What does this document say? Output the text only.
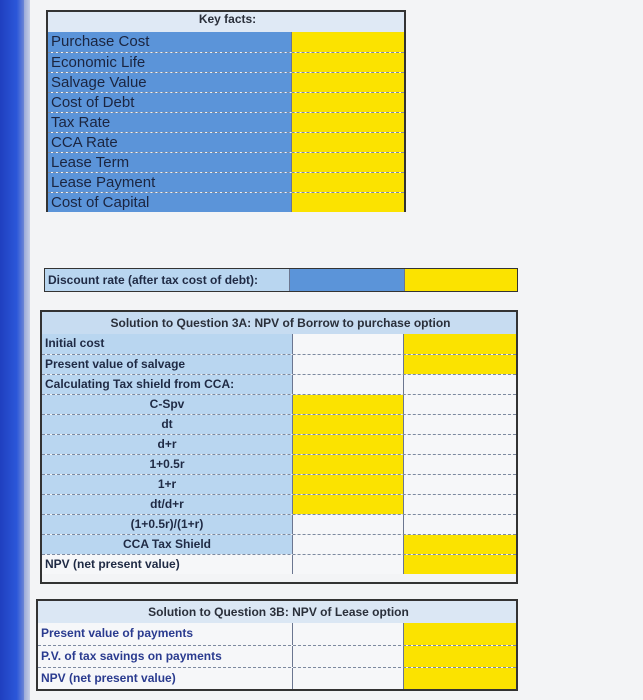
Key facts:
Purchase Cost
Economic Life
Salvage Value
Cost of Debt
Tax Rate
CCA Rate
Lease Term
Lease Payment
Cost of Capital
Discount rate (after tax cost of debt):
Solution to Question 3A: NPV of Borrow to purchase option
Initial cost
Present value of salvage
Calculating Tax shield from CCA:
C-Spv
dt
d+r
1+0.5r
1+r
dt/d+r
(1+0.5r)/(1+r)
CCA Tax Shield
NPV (net present value)
Solution to Question 3B: NPV of Lease option
Present value of payments
P.V. of tax savings on payments
NPV (net present value)
